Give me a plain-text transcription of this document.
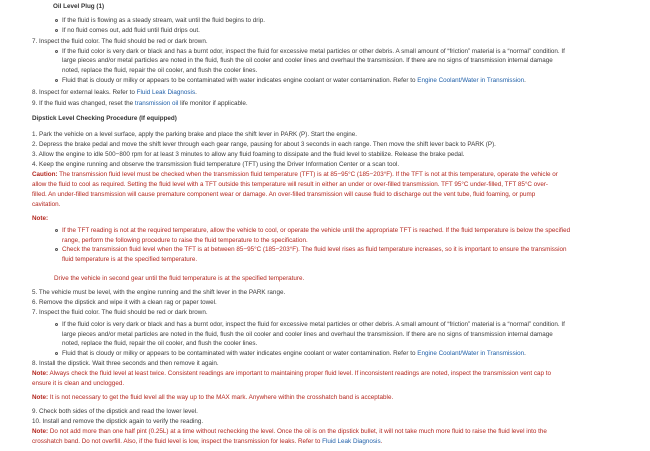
Oil Level Plug (1)
If the fluid is flowing as a steady stream, wait until the fluid begins to drip.
If no fluid comes out, add fluid until fluid drips out.
7. Inspect the fluid color. The fluid should be red or dark brown.
If the fluid color is very dark or black and has a burnt odor, inspect the fluid for excessive metal particles or other debris. A small amount of “friction” material is a “normal” condition. If
large pieces and/or metal particles are noted in the fluid, flush the oil cooler and cooler lines and overhaul the transmission. If there are no signs of transmission internal damage
noted, replace the fluid, repair the oil cooler, and flush the cooler lines.
Fluid that is cloudy or milky or appears to be contaminated with water indicates engine coolant or water contamination. Refer to Engine Coolant/Water in Transmission.
8. Inspect for external leaks. Refer to Fluid Leak Diagnosis.
9. If the fluid was changed, reset the transmission oil life monitor if applicable.
Dipstick Level Checking Procedure (If equipped)
1. Park the vehicle on a level surface, apply the parking brake and place the shift lever in PARK (P). Start the engine.
2. Depress the brake pedal and move the shift lever through each gear range, pausing for about 3 seconds in each range. Then move the shift lever back to PARK (P).
3. Allow the engine to idle 500−800 rpm for at least 3 minutes to allow any fluid foaming to dissipate and the fluid level to stabilize. Release the brake pedal.
4. Keep the engine running and observe the transmission fluid temperature (TFT) using the Driver Information Center or a scan tool.
Caution: The transmission fluid level must be checked when the transmission fluid temperature (TFT) is at 85−95°C (185−203°F). If the TFT is not at this temperature, operate the vehicle or
allow the fluid to cool as required. Setting the fluid level with a TFT outside this temperature will result in either an under or over-filled transmission. TFT 95°C under-filled, TFT 85°C over-
filled. An under-filled transmission will cause premature component wear or damage. An over-filled transmission will cause fluid to discharge out the vent tube, fluid foaming, or pump
cavitation.
Note:
If the TFT reading is not at the required temperature, allow the vehicle to cool, or operate the vehicle until the appropriate TFT is reached. If the fluid temperature is below the specified
range, perform the following procedure to raise the fluid temperature to the specification.
Check the transmission fluid level when the TFT is at between 85−95°C (185−203°F). The fluid level rises as fluid temperature increases, so it is important to ensure the transmission
fluid temperature is at the specified temperature.
Drive the vehicle in second gear until the fluid temperature is at the specified temperature.
5. The vehicle must be level, with the engine running and the shift lever in the PARK range.
6. Remove the dipstick and wipe it with a clean rag or paper towel.
7. Inspect the fluid color. The fluid should be red or dark brown.
If the fluid color is very dark or black and has a burnt odor, inspect the fluid for excessive metal particles or other debris. A small amount of “friction” material is a “normal” condition. If
large pieces and/or metal particles are noted in the fluid, flush the oil cooler and cooler lines and overhaul the transmission. If there are no signs of transmission internal damage
noted, replace the fluid, repair the oil cooler, and flush the cooler lines.
Fluid that is cloudy or milky or appears to be contaminated with water indicates engine coolant or water contamination. Refer to Engine Coolant/Water in Transmission.
8. Install the dipstick. Wait three seconds and then remove it again.
Note: Always check the fluid level at least twice. Consistent readings are important to maintaining proper fluid level. If inconsistent readings are noted, inspect the transmission vent cap to
ensure it is clean and unclogged.
Note: It is not necessary to get the fluid level all the way up to the MAX mark. Anywhere within the crosshatch band is acceptable.
9. Check both sides of the dipstick and read the lower level.
10. Install and remove the dipstick again to verify the reading.
Note: Do not add more than one half pint (0.25L) at a time without rechecking the level. Once the oil is on the dipstick bullet, it will not take much more fluid to raise the fluid level into the
crosshatch band. Do not overfill. Also, if the fluid level is low, inspect the transmission for leaks. Refer to Fluid Leak Diagnosis.
